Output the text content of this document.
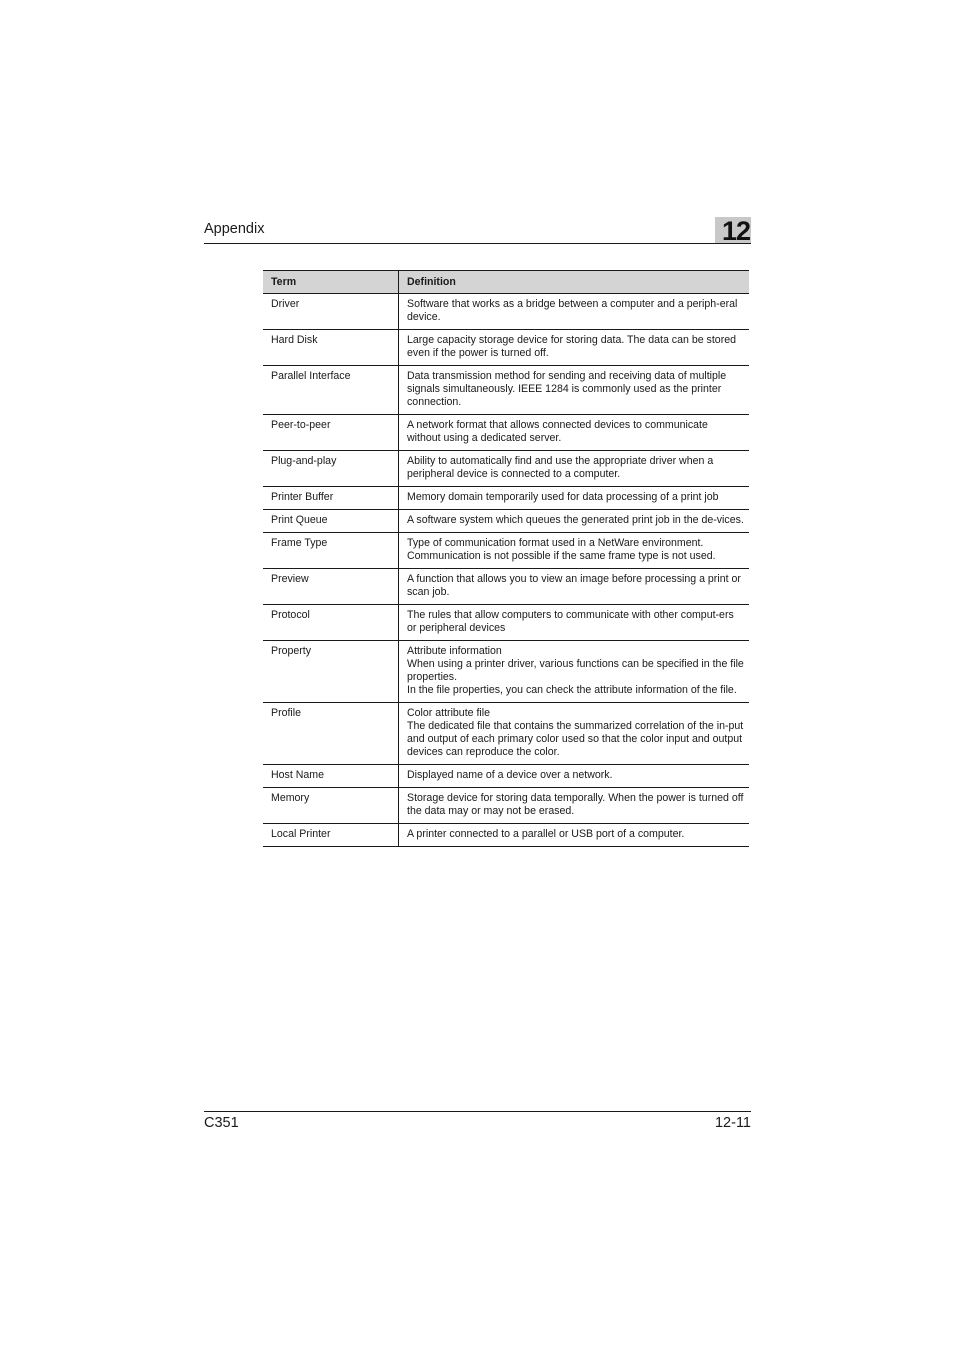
Appendix	12
Term	Definition
Driver	Software that works as a bridge between a computer and a periph-eral device.

Hard Disk	Large capacity storage device for storing data. The data can be stored even if the power is turned off.

Parallel Interface	Data transmission method for sending and receiving data of multiple signals simultaneously. IEEE 1284 is commonly used as the printer connection.

Peer-to-peer	A network format that allows connected devices to communicate without using a dedicated server.

Plug-and-play	Ability to automatically find and use the appropriate driver when a peripheral device is connected to a computer.

Printer Buffer	Memory domain temporarily used for data processing of a print job

Print Queue	A software system which queues the generated print job in the de-vices.

Frame Type	Type of communication format used in a NetWare environment. Communication is not possible if the same frame type is not used.

Preview	A function that allows you to view an image before processing a print or scan job.

Protocol	The rules that allow computers to communicate with other comput-ers or peripheral devices

Property	Attribute information
When using a printer driver, various functions can be specified in the file properties.
In the file properties, you can check the attribute information of the file.

Profile	Color attribute file
The dedicated file that contains the summarized correlation of the in-put and output of each primary color used so that the color input and output devices can reproduce the color.

Host Name	Displayed name of a device over a network.

Memory	Storage device for storing data temporally. When the power is turned off the data may or may not be erased.

Local Printer	A printer connected to a parallel or USB port of a computer.
C351	12-11
